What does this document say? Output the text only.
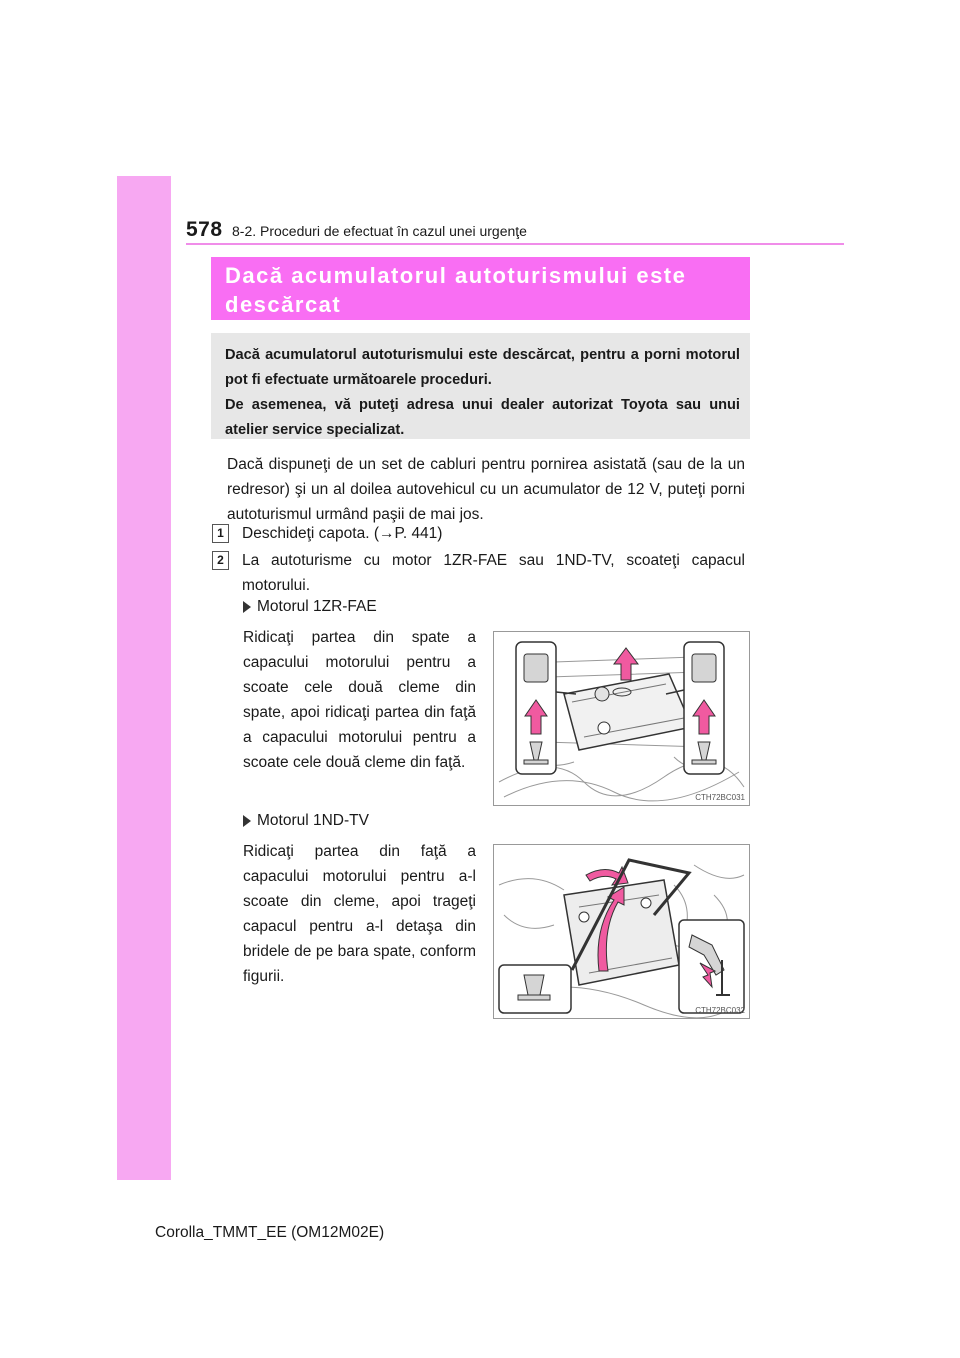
578 8-2. Proceduri de efectuat în cazul unei urgenţe
Dacă acumulatorul autoturismului este
descărcat

Dacă acumulatorul autoturismului este descărcat, pentru a porni motorul pot fi efectuate următoarele proceduri.

De asemenea, vă puteţi adresa unui dealer autorizat Toyota sau unui atelier service specializat.

Dacă dispuneţi de un set de cabluri pentru pornirea asistată (sau de la un redresor) şi un al doilea autovehicul cu un acumulator de 12 V, puteţi porni autoturismul urmând paşii de mai jos.
1	Deschideţi capota. (→P. 441)
2	La autoturisme cu motor 1ZR-FAE sau 1ND-TV, scoateţi capacul motorului.
Motorul 1ZR-FAE
Ridicaţi partea din spate a capacului motorului pentru a scoate cele două cleme din spate, apoi ridicaţi partea din faţă a capacului motorului pentru a scoate cele două cleme din faţă.
CTH72BC031
Motorul 1ND-TV
Ridicaţi partea din faţă a capacului motorului pentru a-l scoate din cleme, apoi trageţi capacul pentru a-l detaşa din bridele de pe bara spate, conform figurii.
CTH72BC032
Corolla_TMMT_EE (OM12M02E)
